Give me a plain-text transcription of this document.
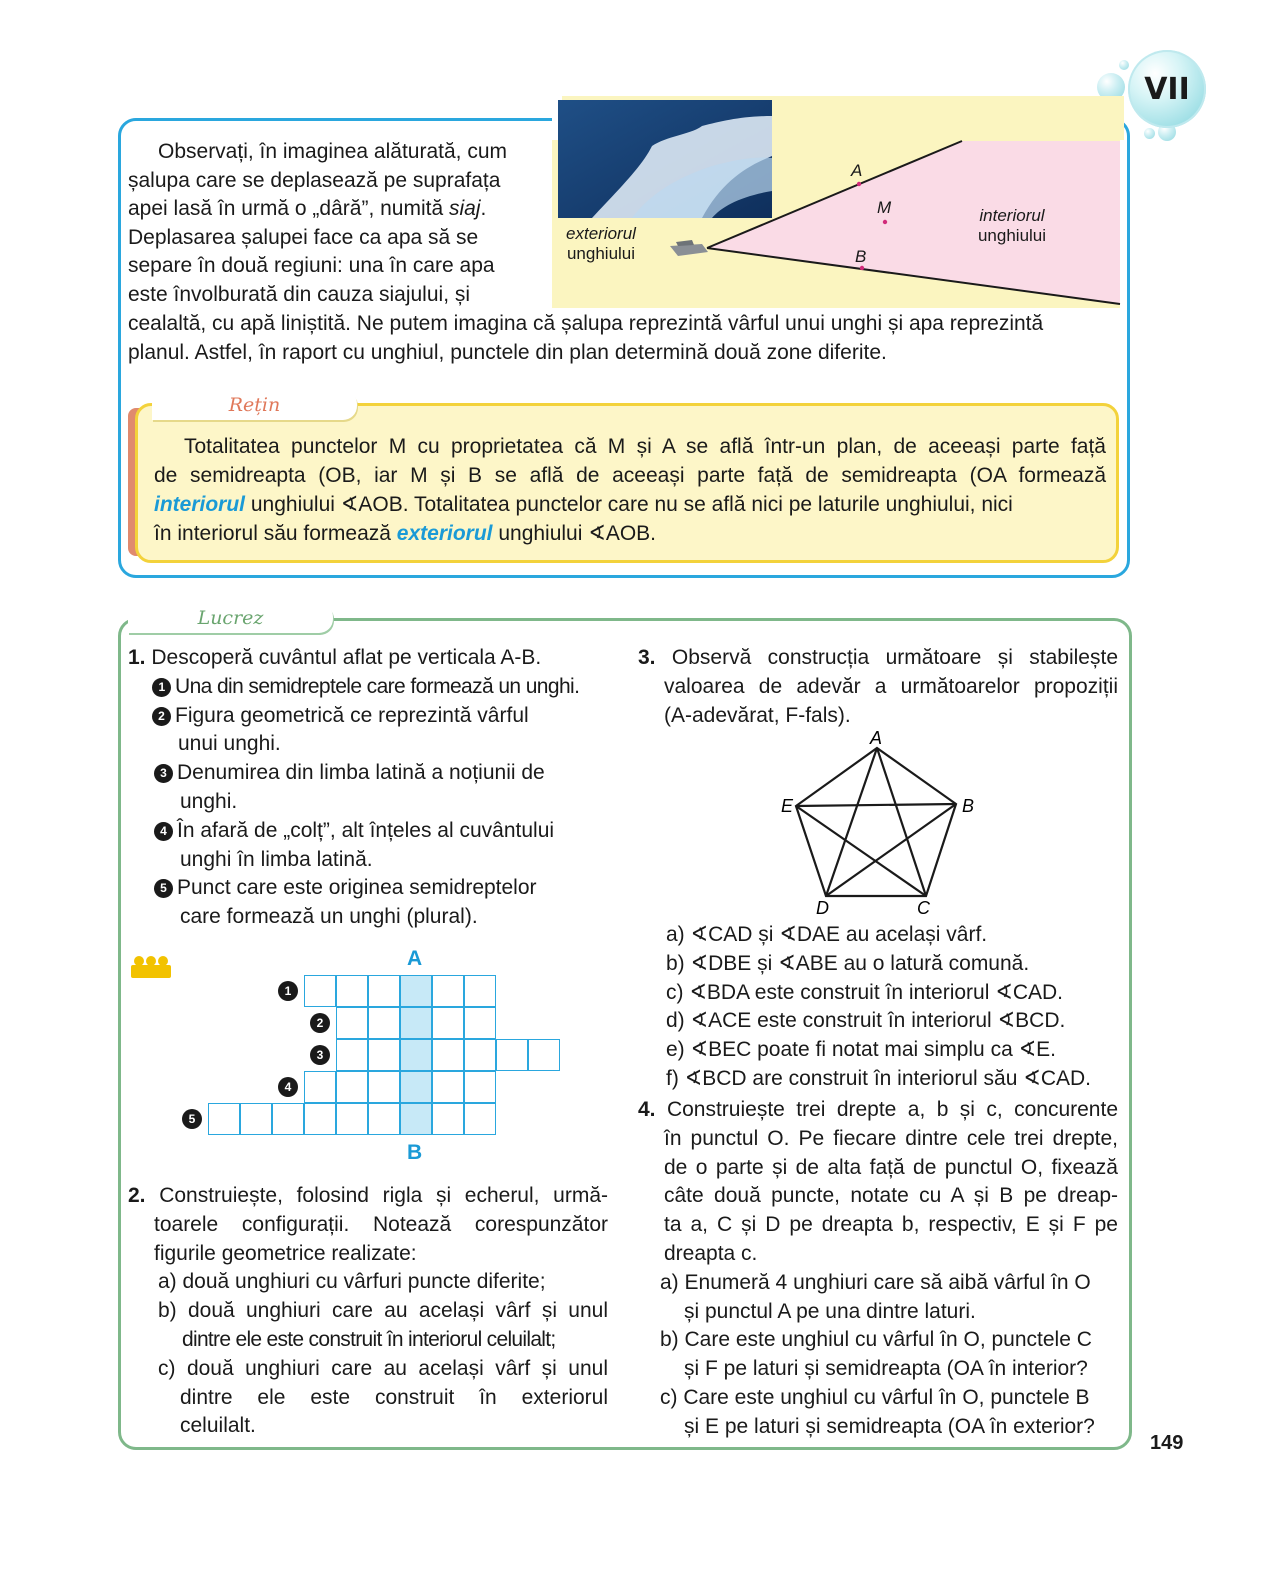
VII
A
M
B
exteriorul
unghiului
interiorul
unghiului

Observați, în imaginea alăturată, cum

șalupa care se deplasează pe suprafața

apei lasă în urmă o „dâră”, numită siaj.

Deplasarea șalupei face ca apa să se

separe în două regiuni: una în care apa

este învolburată din cauza siajului, și

cealaltă, cu apă liniștită. Ne putem imagina că șalupa reprezintă vârful unui unghi și apa reprezintă

planul. Astfel, în raport cu unghiul, punctele din plan determină două zone diferite.

Rețin
Totalitatea punctelor M cu proprietatea că M și A se află într-un plan, de aceeași parte față
de semidreapta (OB, iar M și B se află de aceeași parte față de semidreapta (OA formează
interiorul unghiului ∢AOB. Totalitatea punctelor care nu se află nici pe laturile unghiului, nici
în interiorul său formează exteriorul unghiului ∢AOB.
Lucrez
1. Descoperă cuvântul aflat pe verticala A-B.
1 Una din semidreptele care formează un unghi.
2 Figura geometrică ce reprezintă vârful
unui unghi.
3 Denumirea din limba latină a noțiunii de
unghi.
4 În afară de „colț”, alt înțeles al cuvântului
unghi în limba latină.
5 Punct care este originea semidreptelor
care formează un unghi (plural).
A
B
1
2
3
4
5
2. Construiește, folosind rigla și echerul, urmă-
toarele configurații. Notează corespunzător
figurile geometrice realizate:
a) două unghiuri cu vârfuri puncte diferite;
b) două unghiuri care au același vârf și unul
dintre ele este construit în interiorul celuilalt;
c) două unghiuri care au același vârf și unul
dintre ele este construit în exteriorul
celuilalt.
3. Observă construcția următoare și stabilește
valoarea de adevăr a următoarelor propoziții
(A-adevărat, F-fals).
A
B
C
D
E
a) ∢CAD și ∢DAE au același vârf.
b) ∢DBE și ∢ABE au o latură comună.
c) ∢BDA este construit în interiorul ∢CAD.
d) ∢ACE este construit în interiorul ∢BCD.
e) ∢BEC poate fi notat mai simplu ca ∢E.
f) ∢BCD are construit în interiorul său ∢CAD.
4. Construiește trei drepte a, b și c, concurente
în punctul O. Pe fiecare dintre cele trei drepte,
de o parte și de alta față de punctul O, fixează
câte două puncte, notate cu A și B pe dreap-
ta a, C și D pe dreapta b, respectiv, E și F pe
dreapta c.
a) Enumeră 4 unghiuri care să aibă vârful în O
și punctul A pe una dintre laturi.
b) Care este unghiul cu vârful în O, punctele C
și F pe laturi și semidreapta (OA în interior?
c) Care este unghiul cu vârful în O, punctele B
și E pe laturi și semidreapta (OA în exterior?
149
